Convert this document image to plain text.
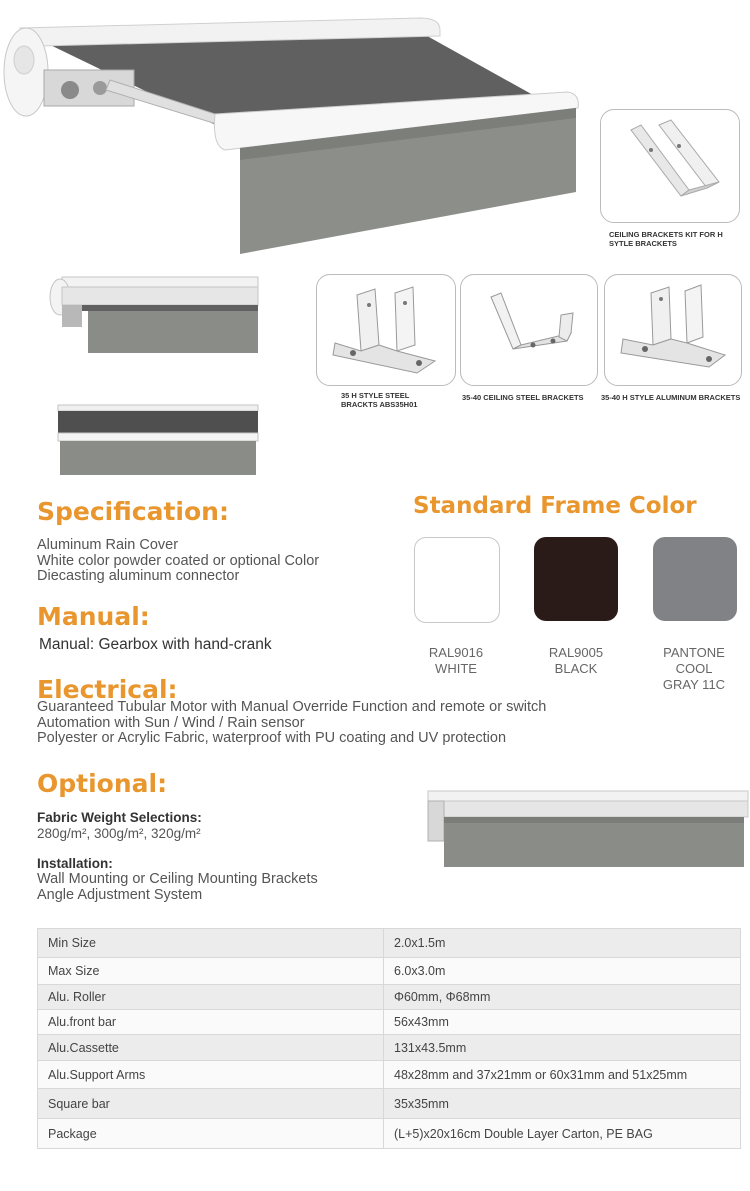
CEILING BRACKETS KIT FOR H SYTLE BRACKETS
35 H STYLE STEEL BRACKTS ABS35H01
35-40 CEILING STEEL BRACKETS	35-40 H STYLE ALUMINUM BRACKETS
Specification:
Aluminum Rain Cover
White color powder coated or optional Color
Diecasting aluminum connector
Standard Frame Color
RAL9016
WHITE
RAL9005
BLACK
PANTONE
COOL
GRAY 11C
Manual:
Manual: Gearbox with hand-crank
Electrical:
Guaranteed Tubular Motor with Manual Override Function and remote or switch
Automation with Sun / Wind / Rain sensor
Polyester or Acrylic Fabric, waterproof with PU coating and UV protection
Optional:
Fabric Weight Selections:
280g/m², 300g/m², 320g/m²
Installation:
Wall Mounting or Ceiling Mounting Brackets
Angle Adjustment System
Min Size	2.0x1.5m
Max Size	6.0x3.0m
Alu. Roller	Φ60mm, Φ68mm
Alu.front bar	56x43mm
Alu.Cassette	131x43.5mm
Alu.Support Arms	48x28mm and 37x21mm or 60x31mm and 51x25mm
Square bar	35x35mm
Package	(L+5)x20x16cm Double Layer Carton, PE BAG
